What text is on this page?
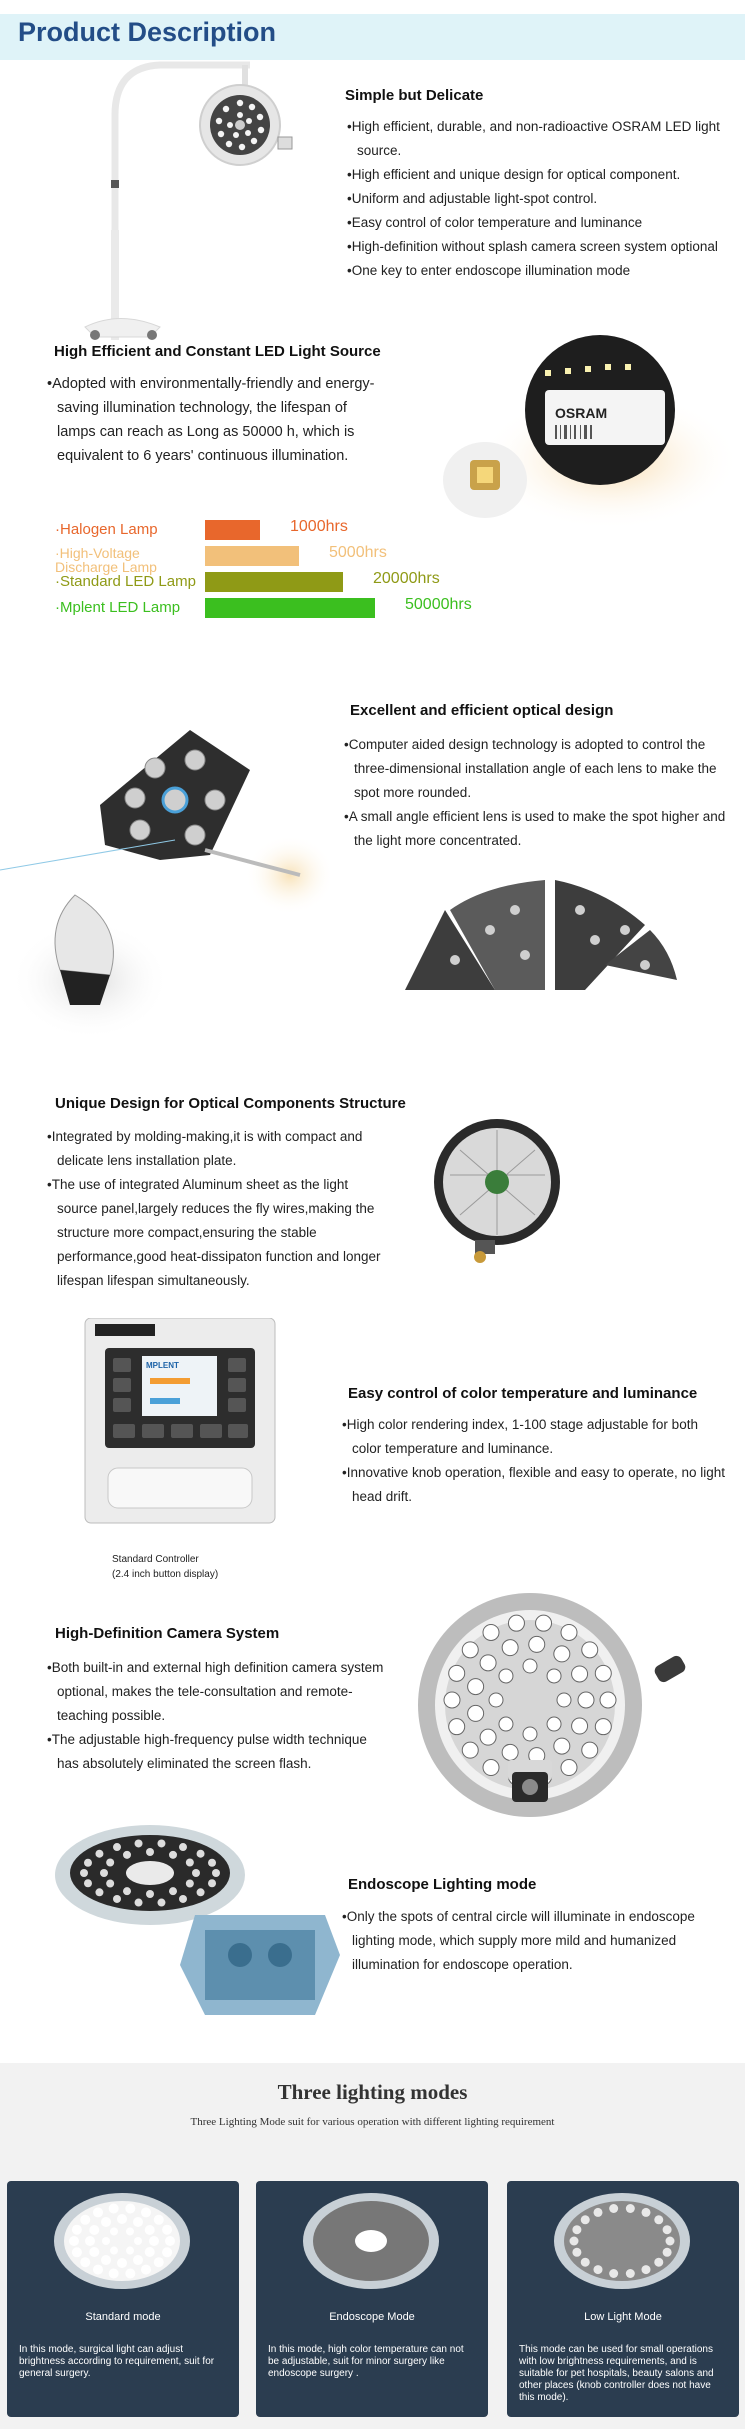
Product Description
Simple but Delicate
• High efficient, durable, and non-radioactive OSRAM LED light source.
• High efficient and unique design for optical component.
• Uniform and adjustable light-spot control.
• Easy control of color temperature and luminance
• High-definition without splash camera screen system optional
• One key to enter endoscope illumination mode
High Efficient and Constant LED Light Source
• Adopted with environmentally-friendly and energy-saving illumination technology, the lifespan of lamps can reach as Long as 50000 h, which is equivalent to 6 years' continuous illumination.
OSRAM
·Halogen Lamp	1000hrs
·High-Voltage Discharge Lamp
5000hrs
·Standard LED Lamp	20000hrs
·Mplent LED Lamp	50000hrs
Excellent and efficient optical design
• Computer aided design technology is adopted to control the three-dimensional installation angle of each lens to make the spot more rounded.
• A small angle efficient lens is used to make the spot higher and the light more concentrated.
Unique Design for Optical Components Structure
• Integrated by molding-making,it is with compact and delicate lens installation plate.
• The use of integrated Aluminum sheet as the light source panel,largely reduces the fly wires,making the structure more compact,ensuring the stable performance,good heat-dissipaton function and longer lifespan lifespan simultaneously.
MPLENT
Standard Controller
(2.4 inch button display)
Easy control of color temperature and luminance
• High color rendering index, 1-100 stage adjustable for both color temperature and luminance.
• Innovative knob operation, flexible and easy to operate, no light head drift.
High-Definition Camera System
• Both built-in and external high definition camera system optional, makes the tele-consultation and remote-teaching possible.
• The adjustable high-frequency pulse width technique has absolutely eliminated the screen flash.
Endoscope Lighting mode
• Only the spots of central circle will illuminate in endoscope lighting mode, which supply more mild and humanized illumination for endoscope operation.
Three lighting modes
Three Lighting Mode suit for various operation with different lighting requirement
Standard mode
In this mode, surgical light can adjust brightness according to requirement, suit for general surgery.
Endoscope Mode
In this mode, high color temperature can not be adjustable, suit for minor surgery like endoscope surgery .
Low Light Mode
This mode can be used for small operations with low brightness requirements, and is suitable for pet hospitals, beauty salons and other places (knob controller does not have this mode).
